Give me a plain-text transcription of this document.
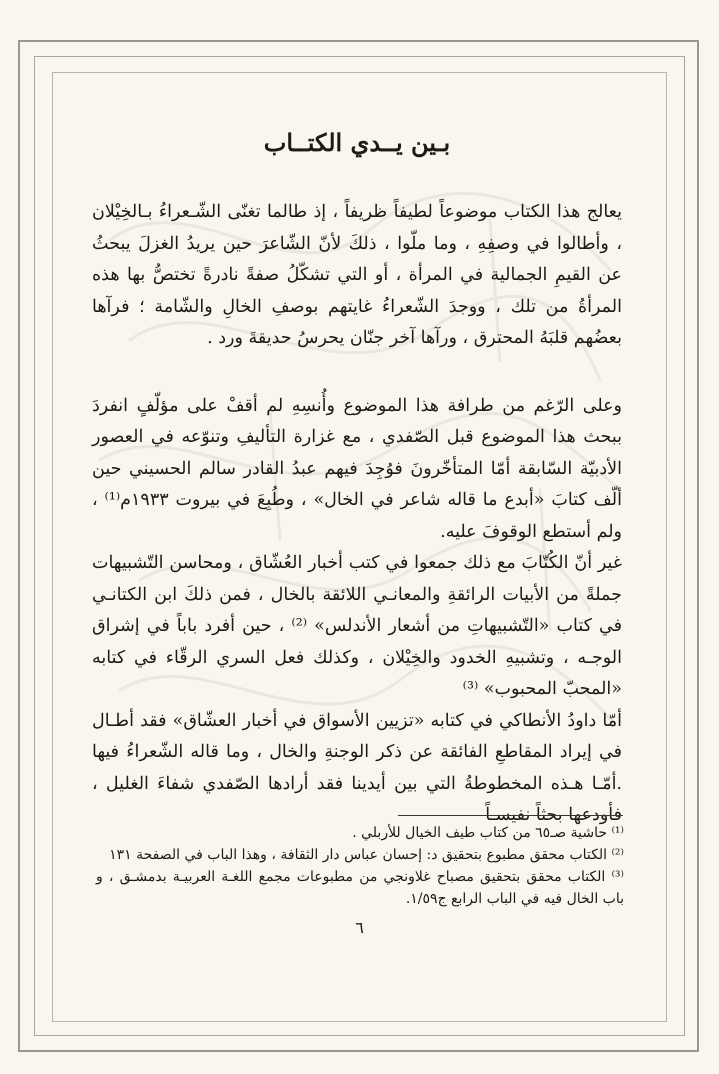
بـين يــدي الكتــاب

يعالج هذا الكتاب موضوعاً لطيفاً ظريفاً ، إذ طالما تغنّى الشّـعراءُ بـالخِيْلان ، وأطالوا في وصفِهِ ، وما ملّوا ، ذلكَ لأنّ الشّاعرَ حين يريدُ الغزلَ يبحثُ عن القيمِ الجمالية في المرأة ، أو التي تشكّلُ صفةً نادرةً تختصُّ بها هذه المرأةُ من تلك ، ووجدَ الشّعراءُ غايتهم بوصفِ الخالِ والشّامة ؛ فرآها بعضُهم قلبَهُ المحترق ، ورآها آخر جنّان يحرسُ حديقةَ ورد .

وعلى الرّغم من طرافة هذا الموضوع وأُنسِهِ لم أقفْ على مؤلّفٍ انفردَ ببحث هذا الموضوع قبل الصّفدي ، مع غزارة التأليفِ وتنوّعه في العصور الأدبيّة السّابقة أمّا المتأخّرونَ فوُجِدَ فيهم عبدُ القادر سالم الحسيني حين ألّف كتابَ «أبدع ما قاله شاعر في الخال» ، وطُبِعَ في بيروت ١٩٣٣م⁽¹⁾ ، ولم أستطع الوقوفَ عليه.

غير أنّ الكُتّابَ مع ذلك جمعوا في كتب أخبار العُشّاق ، ومحاسن التّشبيهات جملةً من الأبيات الرائقةِ والمعانـي اللائقة بالخال ، فمن ذلكَ ابن الكتانـي في كتاب «التّشبيهاتِ من أشعار الأندلس» ⁽²⁾ ، حين أفرد باباً في إشراق الوجـه ، وتشبيهِ الخدود والخِيْلان ، وكذلك فعل السري الرقّاء في كتابه «المحبّ المحبوب» ⁽³⁾

أمّا داودُ الأنطاكي في كتابه «تزيين الأسواق في أخبار العشّاق» فقد أطـال في إيراد المقاطعِ الفائقة عن ذكر الوجنةِ والخال ، وما قاله الشّعراءُ فيها .أمّـا هـذه المخطوطةُ التي بين أيدينا فقد أرادها الصّفدي شفاءَ الغليل ، فأودعها بحثاً نفيسـاً

⁽¹⁾ حاشية صـ٦٥ من كتاب طيف الخيال للأربلي .

⁽²⁾ الكتاب محقق مطبوع بتحقيق د: إحسان عباس دار الثقافة ، وهذا الباب في الصفحة ١٣١

⁽³⁾ الكتاب محقق بتحقيق مصباح غلاونجي من مطبوعات مجمع اللغـة العربيـة بدمشـق ، و باب الخال فيه في الباب الرابع ج١/٥٩.

٦
